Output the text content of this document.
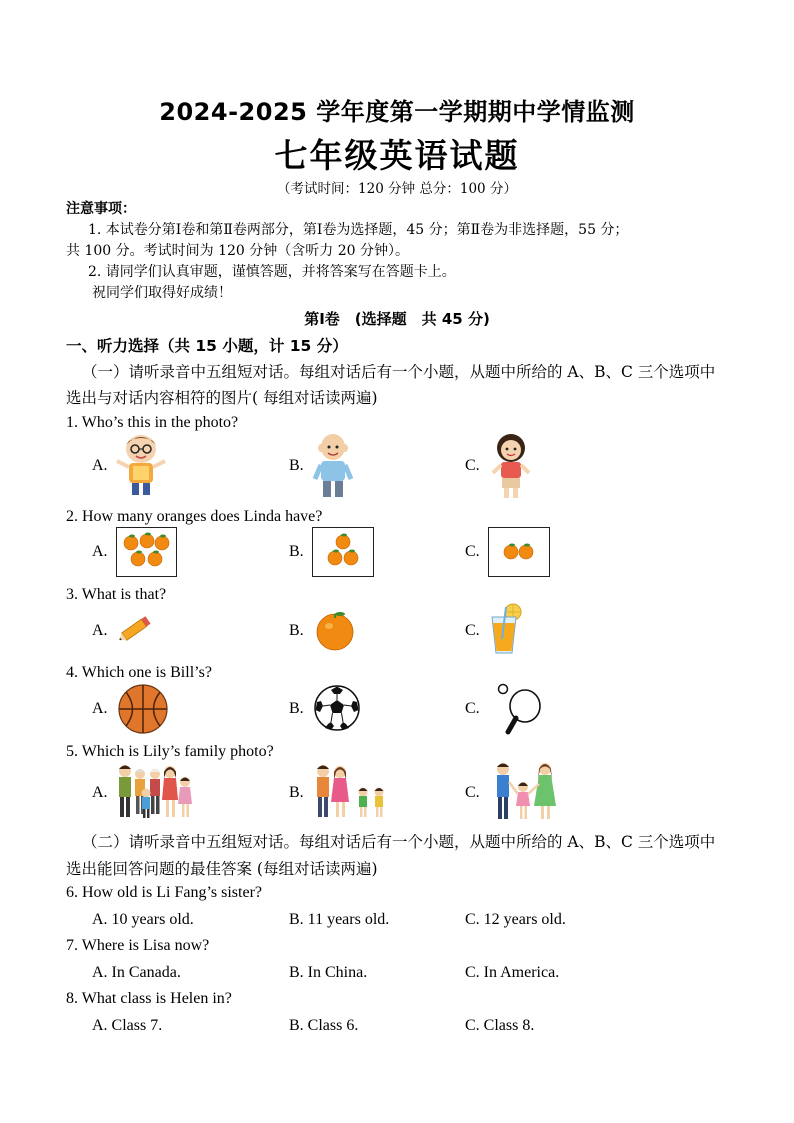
2024-2025 学年度第一学期期中学情监测
七年级英语试题
（考试时间：120 分钟 总分：100 分）
注意事项：
1. 本试卷分第Ⅰ卷和第Ⅱ卷两部分，第Ⅰ卷为选择题，45 分；第Ⅱ卷为非选择题，55 分；
共 100 分。考试时间为 120 分钟（含听力 20 分钟）。
2. 请同学们认真审题，谨慎答题，并将答案写在答题卡上。
祝同学们取得好成绩！
第Ⅰ卷　(选择题　共 45 分)
一、听力选择（共 15 小题，计 15 分）
（一）请听录音中五组短对话。每组对话后有一个小题，从题中所给的 A、B、C 三个选项中
选出与对话内容相符的图片( 每组对话读两遍)
1. Who’s this in the photo?
A.	B.	C.
2. How many oranges does Linda have?
A.	B.	C.
3. What is that?
A.	B.	C.
4. Which one is Bill’s?
A.	B.	C.
5. Which is Lily’s family photo?
A.	B.	C.
（二）请听录音中五组短对话。每组对话后有一个小题，从题中所给的 A、B、C 三个选项中
选出能回答问题的最佳答案 (每组对话读两遍)
6. How old is Li Fang’s sister?
A. 10 years old.	B. 11 years old.	C. 12 years old.
7. Where is Lisa now?
A. In Canada.	B. In China.	C. In America.
8. What class is Helen in?
A. Class 7.	B. Class 6.	C. Class 8.
